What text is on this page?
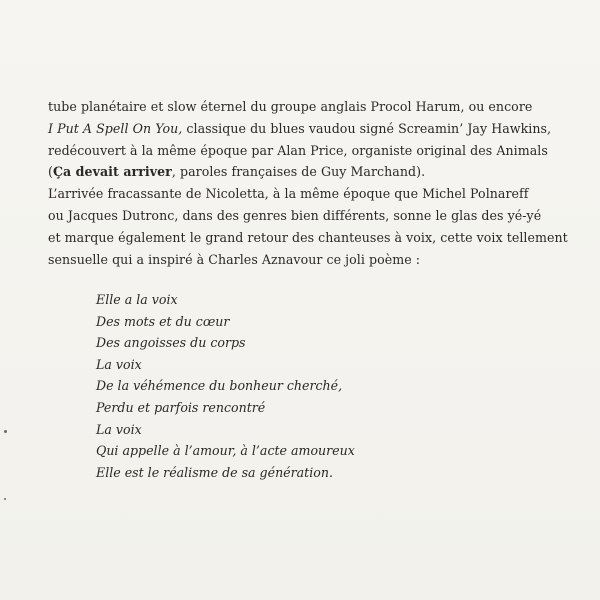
tube planétaire et slow éternel du groupe anglais Procol Harum, ou encore
I Put A Spell On You, classique du blues vaudou signé Screamin’ Jay Hawkins,
redécouvert à la même époque par Alan Price, organiste original des Animals
(Ça devait arriver, paroles françaises de Guy Marchand).

L’arrivée fracassante de Nicoletta, à la même époque que Michel Polnareff
ou Jacques Dutronc, dans des genres bien différents, sonne le glas des yé-yé
et marque également le grand retour des chanteuses à voix, cette voix tellement
sensuelle qui a inspiré à Charles Aznavour ce joli poème :

Elle a la voix
Des mots et du cœur
Des angoisses du corps
La voix
De la véhémence du bonheur cherché,
Perdu et parfois rencontré
La voix
Qui appelle à l’amour, à l’acte amoureux
Elle est le réalisme de sa génération.
